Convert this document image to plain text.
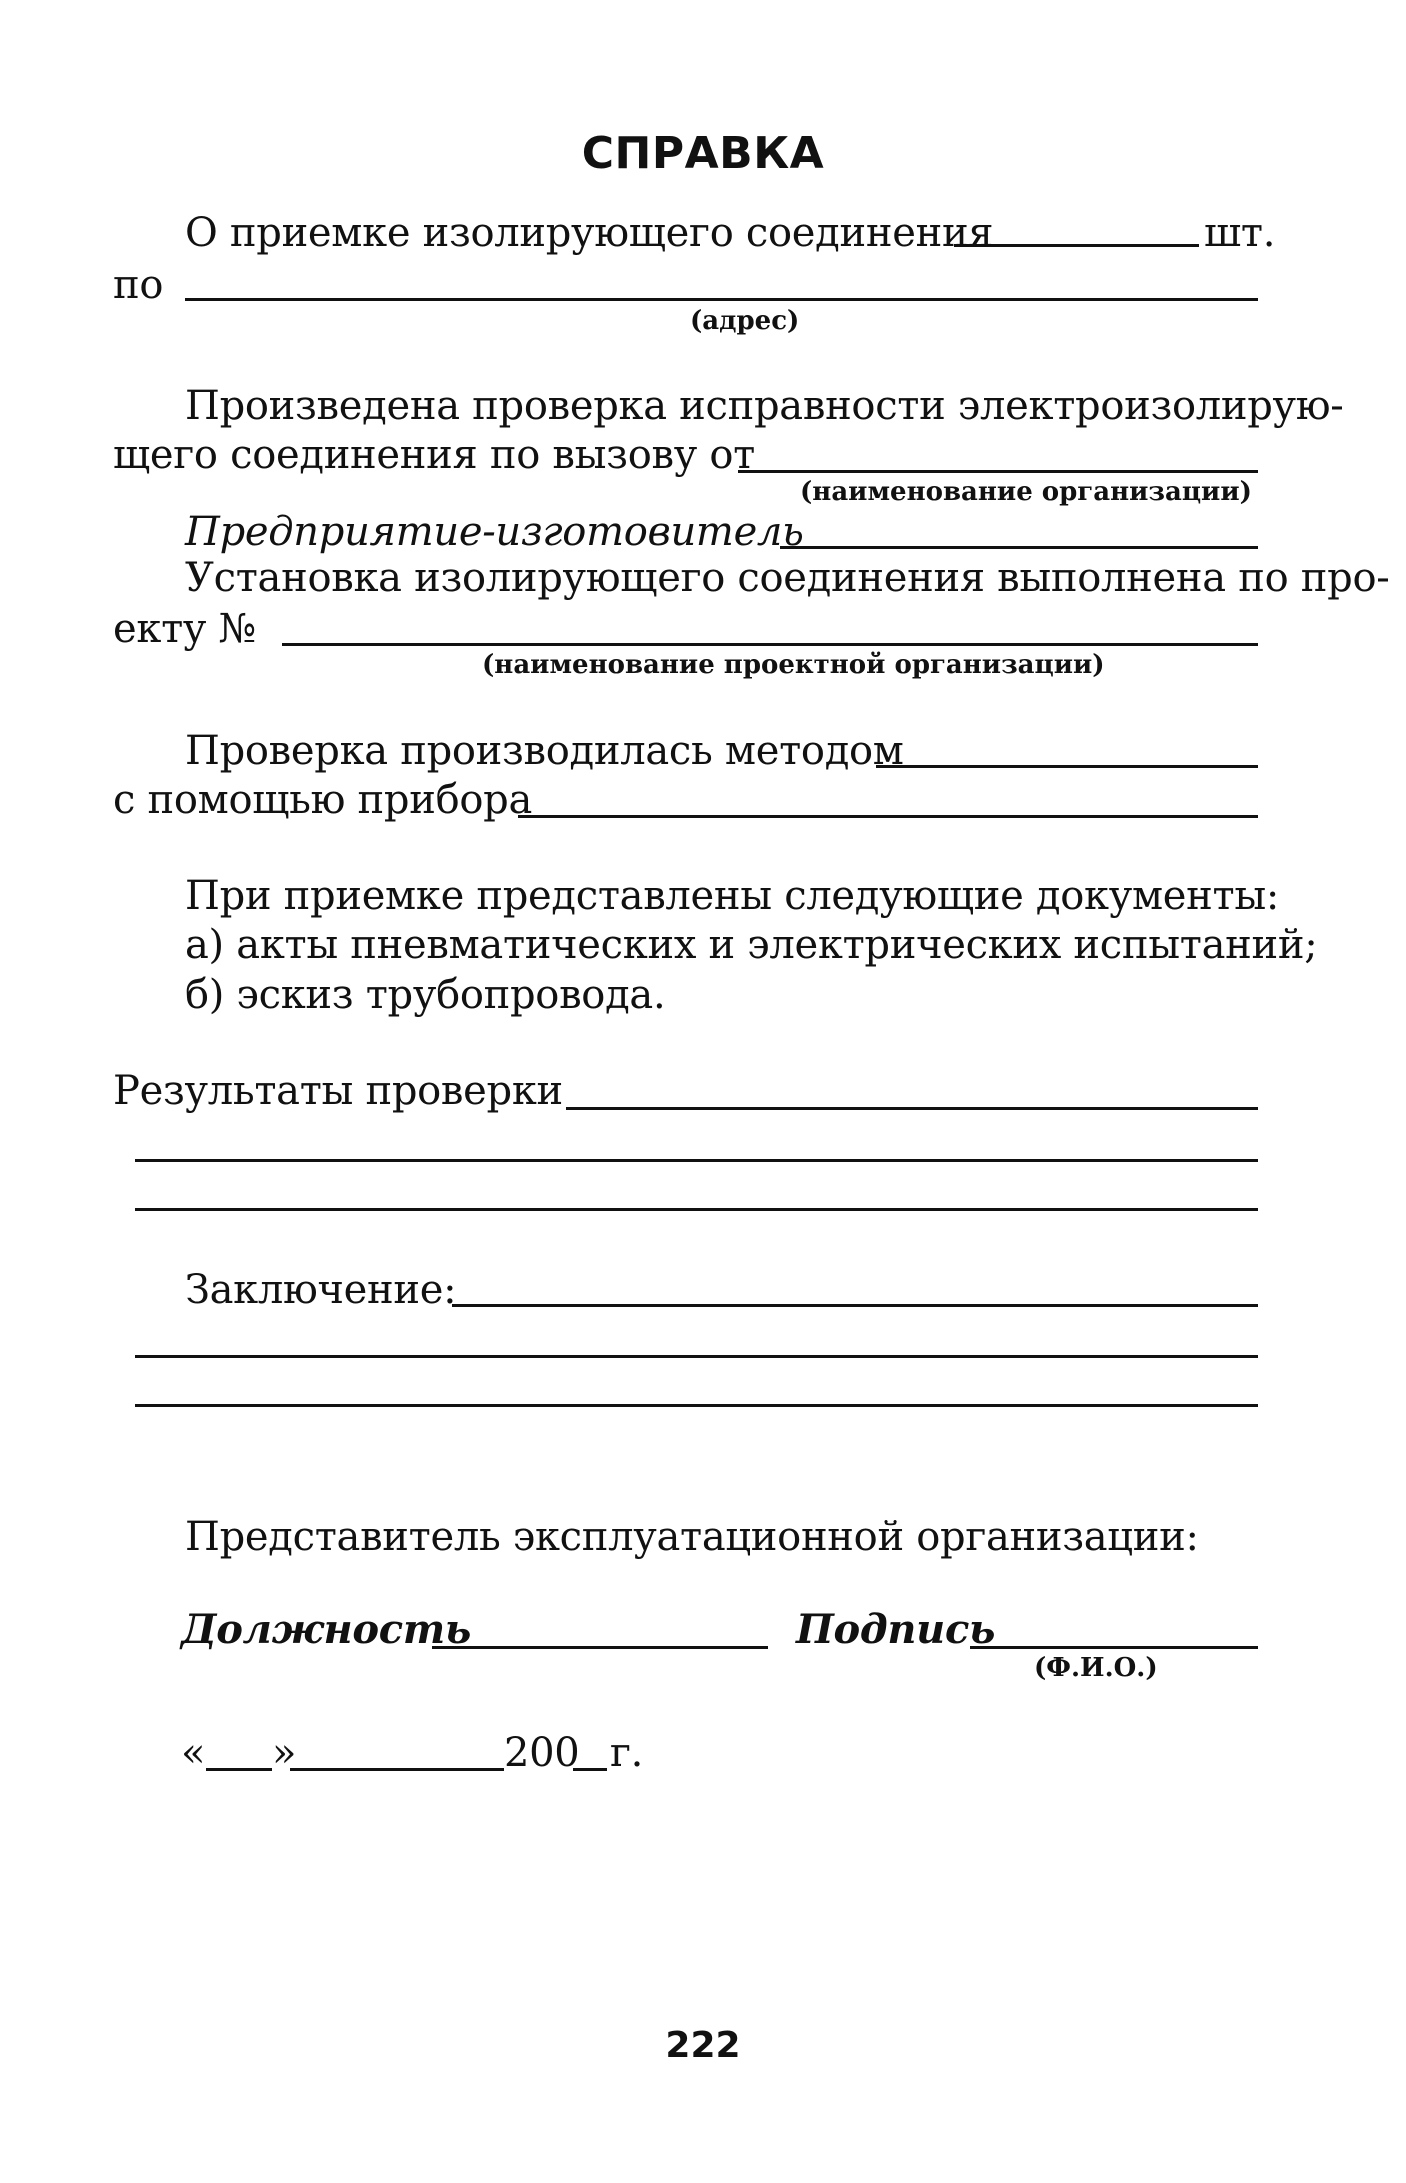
СПРАВКА
О приемке изолирующего соединения	шт.
по
(адрес)
Произведена проверка исправности электроизолирую-
щего соединения по вызову от
(наименование организации)
Предприятие-изготовитель
Установка изолирующего соединения выполнена по про-
екту №
(наименование проектной организации)
Проверка производилась методом
с помощью прибора
При приемке представлены следующие документы:
а) акты пневматических и электрических испытаний;
б) эскиз трубопровода.
Результаты проверки
Заключение:
Представитель эксплуатационной организации:
Должность	Подпись
(Ф.И.О.)
« »	200 г.
222
